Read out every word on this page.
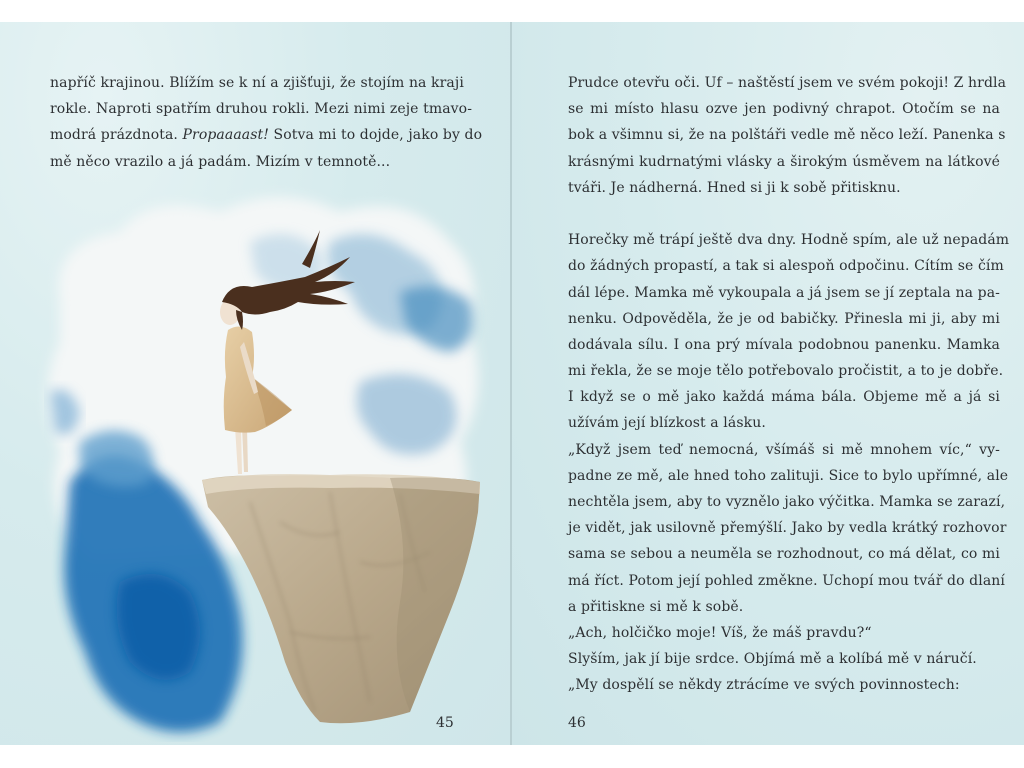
napříč krajinou. Blížím se k ní a zjišťuji, že stojím na kraji
rokle. Naproti spatřím druhou rokli. Mezi nimi zeje tmavo-
modrá prázdnota. Propaaaast! Sotva mi to dojde, jako by do
mě něco vrazilo a já padám. Mizím v temnotě...

45

Prudce otevřu oči. Uf – naštěstí jsem ve svém pokoji! Z hrdla
se mi místo hlasu ozve jen podivný chrapot. Otočím se na
bok a všimnu si, že na polštáři vedle mě něco leží. Panenka s
krásnými kudrnatými vlásky a širokým úsměvem na látkové
tváři. Je nádherná. Hned si ji k sobě přitisknu.

Horečky mě trápí ještě dva dny. Hodně spím, ale už nepadám
do žádných propastí, a tak si alespoň odpočinu. Cítím se čím
dál lépe. Mamka mě vykoupala a já jsem se jí zeptala na pa-
nenku. Odpověděla, že je od babičky. Přinesla mi ji, aby mi
dodávala sílu. I ona prý mívala podobnou panenku. Mamka
mi řekla, že se moje tělo potřebovalo pročistit, a to je dobře.
I když se o mě jako každá máma bála. Objeme mě a já si
užívám její blízkost a lásku.

„Když jsem teď nemocná, všímáš si mě mnohem víc,“ vy-
padne ze mě, ale hned toho zalituji. Sice to bylo upřímné, ale
nechtěla jsem, aby to vyznělo jako výčitka. Mamka se zarazí,
je vidět, jak usilovně přemýšlí. Jako by vedla krátký rozhovor
sama se sebou a neuměla se rozhodnout, co má dělat, co mi
má říct. Potom její pohled změkne. Uchopí mou tvář do dlaní
a přitiskne si mě k sobě.

„Ach, holčičko moje! Víš, že máš pravdu?“

Slyším, jak jí bije srdce. Objímá mě a kolíbá mě v náručí.

„My dospělí se někdy ztrácíme ve svých povinnostech:

46
